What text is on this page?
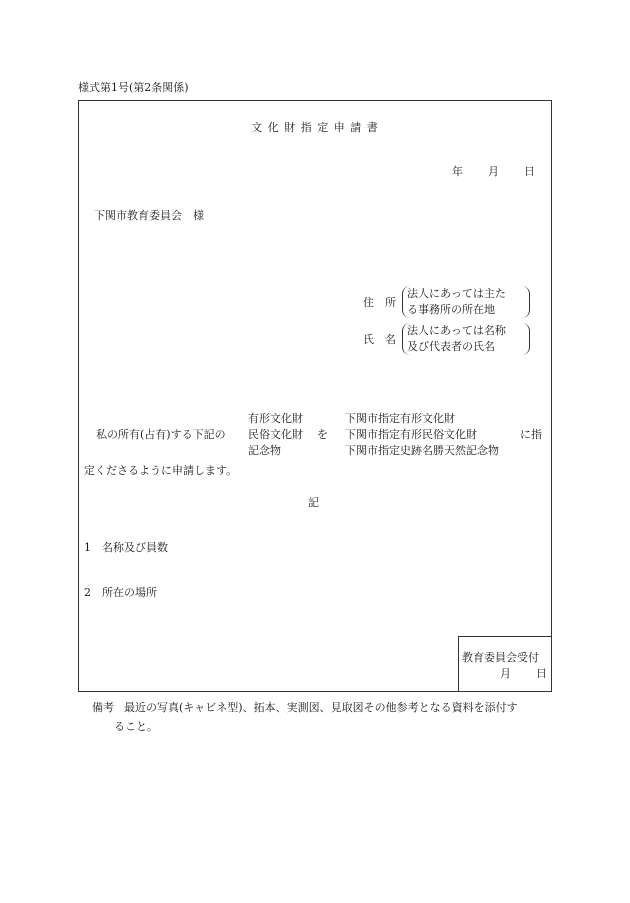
様式第1号(第2条関係)
文 化 財 指 定 申 請 書
年 月 日
下関市教育委員会　様
住　所
法人にあっては主た
る事務所の所在地
氏　名
法人にあっては名称
及び代表者の氏名
私の所有(占有)する下記の
有形文化財
民俗文化財
記念物
を
下関市指定有形文化財
下関市指定有形民俗文化財
下関市指定史跡名勝天然記念物
に指
定くださるように申請します。
記
1 名称及び員数
2 所在の場所
教育委員会受付
月 日
備考 最近の写真(キャビネ型)、拓本、実測図、見取図その他参考となる資料を添付す
ること。
